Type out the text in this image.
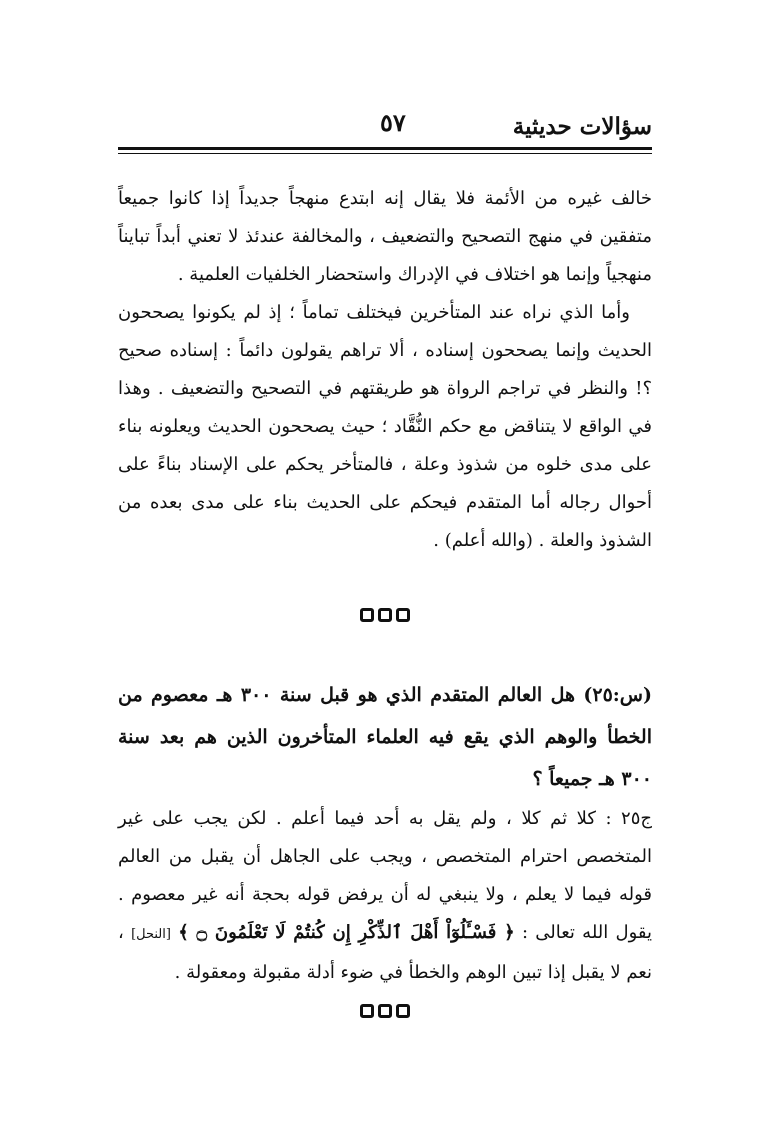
سؤالات حديثية
٥٧

خالف غيره من الأئمة فلا يقال إنه ابتدع منهجاً جديداً إذا كانوا جميعاً متفقين في منهج التصحيح والتضعيف ، والمخالفة عندئذ لا تعني أبداً تبايناً منهجياً وإنما هو اختلاف في الإدراك واستحضار الخلفيات العلمية .

وأما الذي نراه عند المتأخرين فيختلف تماماً ؛ إذ لم يكونوا يصححون الحديث وإنما يصححون إسناده ، ألا تراهم يقولون دائماً : إسناده صحيح ؟! والنظر في تراجم الرواة هو طريقتهم في التصحيح والتضعيف . وهذا في الواقع لا يتناقض مع حكم النُّقَّاد ؛ حيث يصححون الحديث ويعلونه بناء على مدى خلوه من شذوذ وعلة ، فالمتأخر يحكم على الإسناد بناءً على أحوال رجاله أما المتقدم فيحكم على الحديث بناء على مدى بعده من الشذوذ والعلة . (والله أعلم) .

(س:٢٥) هل العالم المتقدم الذي هو قبل سنة ٣٠٠ هـ معصوم من الخطأ والوهم الذي يقع فيه العلماء المتأخرون الذين هم بعد سنة ٣٠٠ هـ جميعاً ؟

ج٢٥ : كلا ثم كلا ، ولم يقل به أحد فيما أعلم . لكن يجب على غير المتخصص احترام المتخصص ، ويجب على الجاهل أن يقبل من العالم قوله فيما لا يعلم ، ولا ينبغي له أن يرفض قوله بحجة أنه غير معصوم . يقول الله تعالى : ﴿ فَسْـَٔلُوٓاْ أَهْلَ ٱلذِّكْرِ إِن كُنتُمْ لَا تَعْلَمُونَ ۝ ﴾ [النحل] ، نعم لا يقبل إذا تبين الوهم والخطأ في ضوء أدلة مقبولة ومعقولة .
